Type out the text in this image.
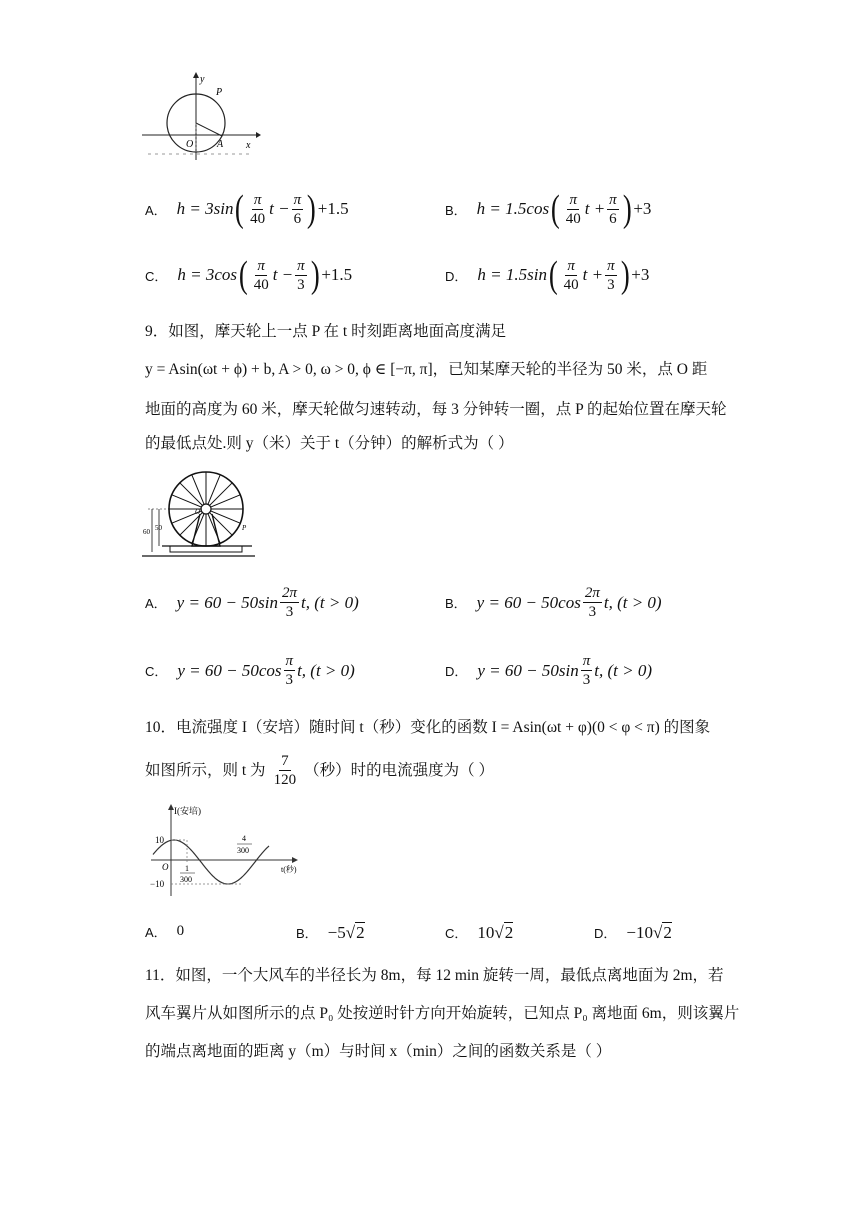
y
P
O A x
A． h = 3sin ( $\frac{\pi}{40}$ $t - \frac{\pi}{6}$ ) +1.5	B． h = 1.5cos ( $\frac{\pi}{40}$ $t + \frac{\pi}{6}$ ) +3
C． h = 3cos ( $\frac{\pi}{40}$ $t - \frac{\pi}{3}$ ) +1.5	D． h = 1.5sin ( $\frac{\pi}{40}$ $t + \frac{\pi}{3}$ ) +3
9．如图，摩天轮上一点 P 在 t 时刻距离地面高度满足
y = Asin(ωt + ϕ) + b, A > 0, ω > 0, ϕ ∈ [−π, π]，已知某摩天轮的半径为 50 米，点 O 距
地面的高度为 60 米，摩天轮做匀速转动，每 3 分钟转一圈，点 P 的起始位置在摩天轮
的最低点处.则 y（米）关于 t（分钟）的解析式为（ ）
60 50
O
P
A． $y = 60 - 50\sin \frac{2\pi}{3} t$, (t > 0)	B． $y = 60 - 50\cos \frac{2\pi}{3} t$, (t > 0)
C． $y = 60 - 50\cos \frac{\pi}{3} t$, (t > 0)	D． $y = 60 - 50\sin \frac{\pi}{3} t$, (t > 0)
10．电流强度 I（安培）随时间 t（秒）变化的函数 I = Asin(ωt + φ)(0 < φ < π) 的图象
如图所示，则 t 为 $\frac{7}{120}$ （秒）时的电流强度为（ ）
I(安培)
t(秒)
10
−10
O 1
300
4
300
A． 0	B． −5 √ 2	C． 10 √ 2	D． −10 √ 2
11．如图，一个大风车的半径长为 8m，每 12 min 旋转一周，最低点离地面为 2m，若
风车翼片从如图所示的点 P₀ 处按逆时针方向开始旋转，已知点 P₀ 离地面 6m，则该翼片
的端点离地面的距离 y（m）与时间 x（min）之间的函数关系是（ ）
